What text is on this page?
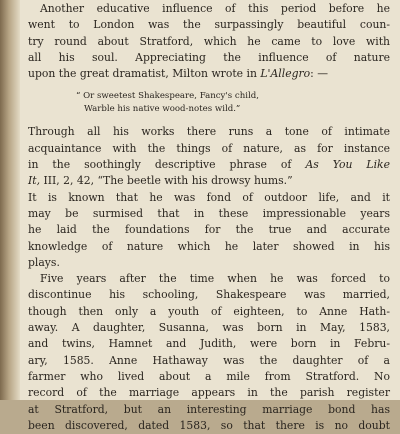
Another educative influence of this period before he
went to London was the surpassingly beautiful coun-
try round about Stratford, which he came to love with
all his soul. Appreciating the influence of nature
upon the great dramatist, Milton wrote in L'Allegro: —
“ Or sweetest Shakespeare, Fancy's child,
Warble his native wood-notes wild.”
Through all his works there runs a tone of intimate
acquaintance with the things of nature, as for instance
in the soothingly descriptive phrase of As You Like
It, III, 2, 42, “The beetle with his drowsy hums.”
It is known that he was fond of outdoor life, and it
may be surmised that in these impressionable years
he laid the foundations for the true and accurate
knowledge of nature which he later showed in his
plays.
Five years after the time when he was forced to
discontinue his schooling, Shakespeare was married,
though then only a youth of eighteen, to Anne Hath-
away. A daughter, Susanna, was born in May, 1583,
and twins, Hamnet and Judith, were born in Febru-
ary, 1585. Anne Hathaway was the daughter of a
farmer who lived about a mile from Stratford. No
record of the marriage appears in the parish register
at Stratford, but an interesting marriage bond has
been discovered, dated 1583, so that there is no doubt
